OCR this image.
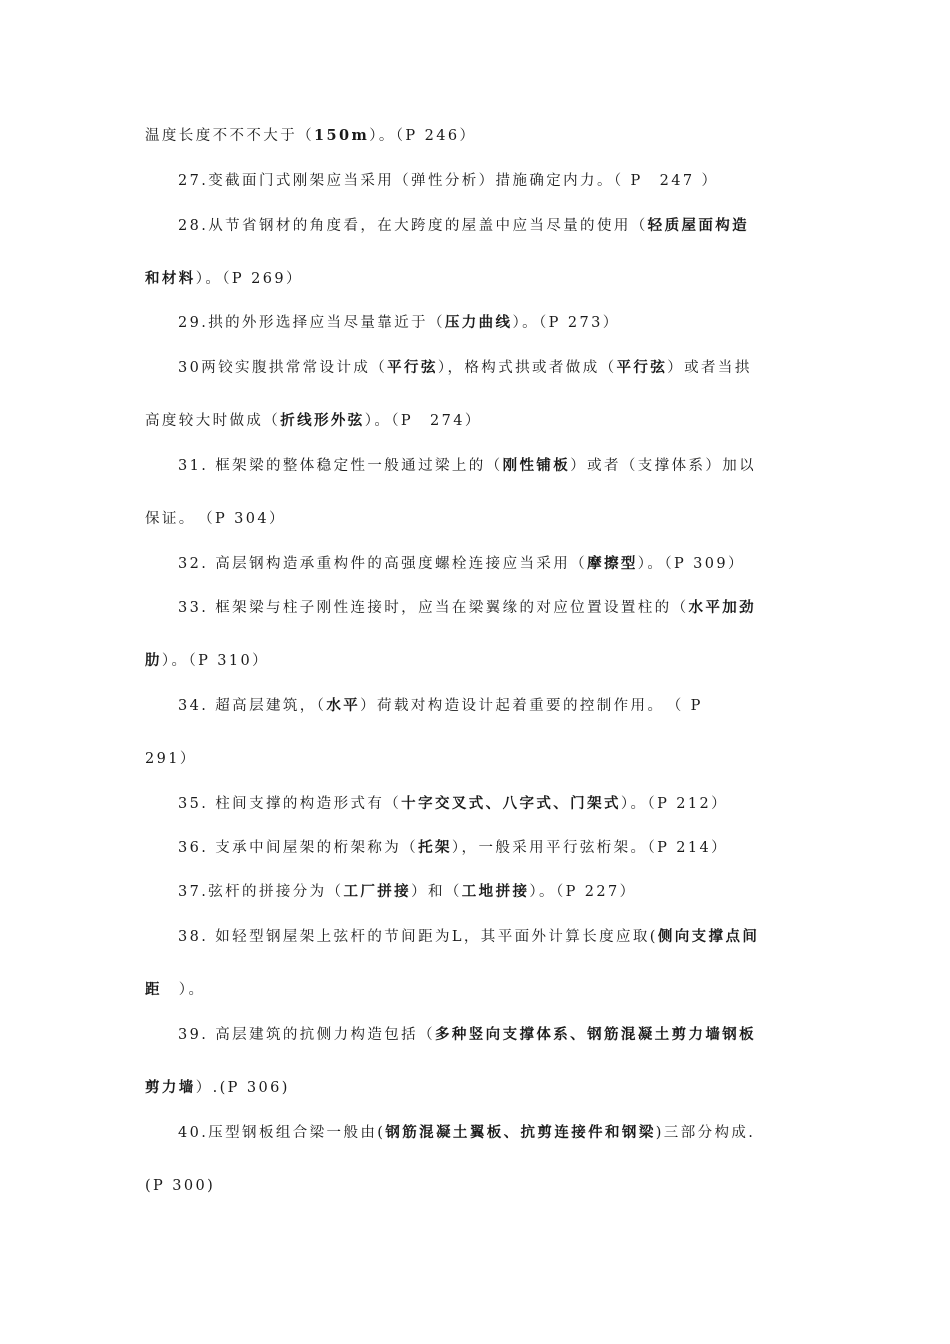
温度长度不不不大于（150m）。（P 246）
27.变截面门式刚架应当采用（弹性分析）措施确定内力。（ P　247 ）
28.从节省钢材的角度看，在大跨度的屋盖中应当尽量的使用（轻质屋面构造
和材料）。（P 269）
29.拱的外形选择应当尽量靠近于（压力曲线）。（P 273）
30两铰实腹拱常常设计成（平行弦），格构式拱或者做成（平行弦）或者当拱
高度较大时做成（折线形外弦）。（P　274）
31. 框架梁的整体稳定性一般通过梁上的（刚性铺板）或者（支撑体系）加以
保证。　（P 304）
32. 高层钢构造承重构件的高强度螺栓连接应当采用（摩擦型）。（P 309）
33. 框架梁与柱子刚性连接时，应当在梁翼缘的对应位置设置柱的（水平加劲
肋）。（P 310）
34. 超高层建筑，（水平）荷载对构造设计起着重要的控制作用。　（ P
291）
35. 柱间支撑的构造形式有（十字交叉式、八字式、门架式）。（P 212）
36. 支承中间屋架的桁架称为（托架），一般采用平行弦桁架。（P 214）
37.弦杆的拼接分为（工厂拼接）和（工地拼接）。（P 227）
38. 如轻型钢屋架上弦杆的节间距为L，其平面外计算长度应取(侧向支撑点间
距　）。
39. 高层建筑的抗侧力构造包括（多种竖向支撑体系、钢筋混凝土剪力墙钢板
剪力墙）.(P 306)
40.压型钢板组合梁一般由(钢筋混凝土翼板、抗剪连接件和钢梁)三部分构成.
(P 300)
